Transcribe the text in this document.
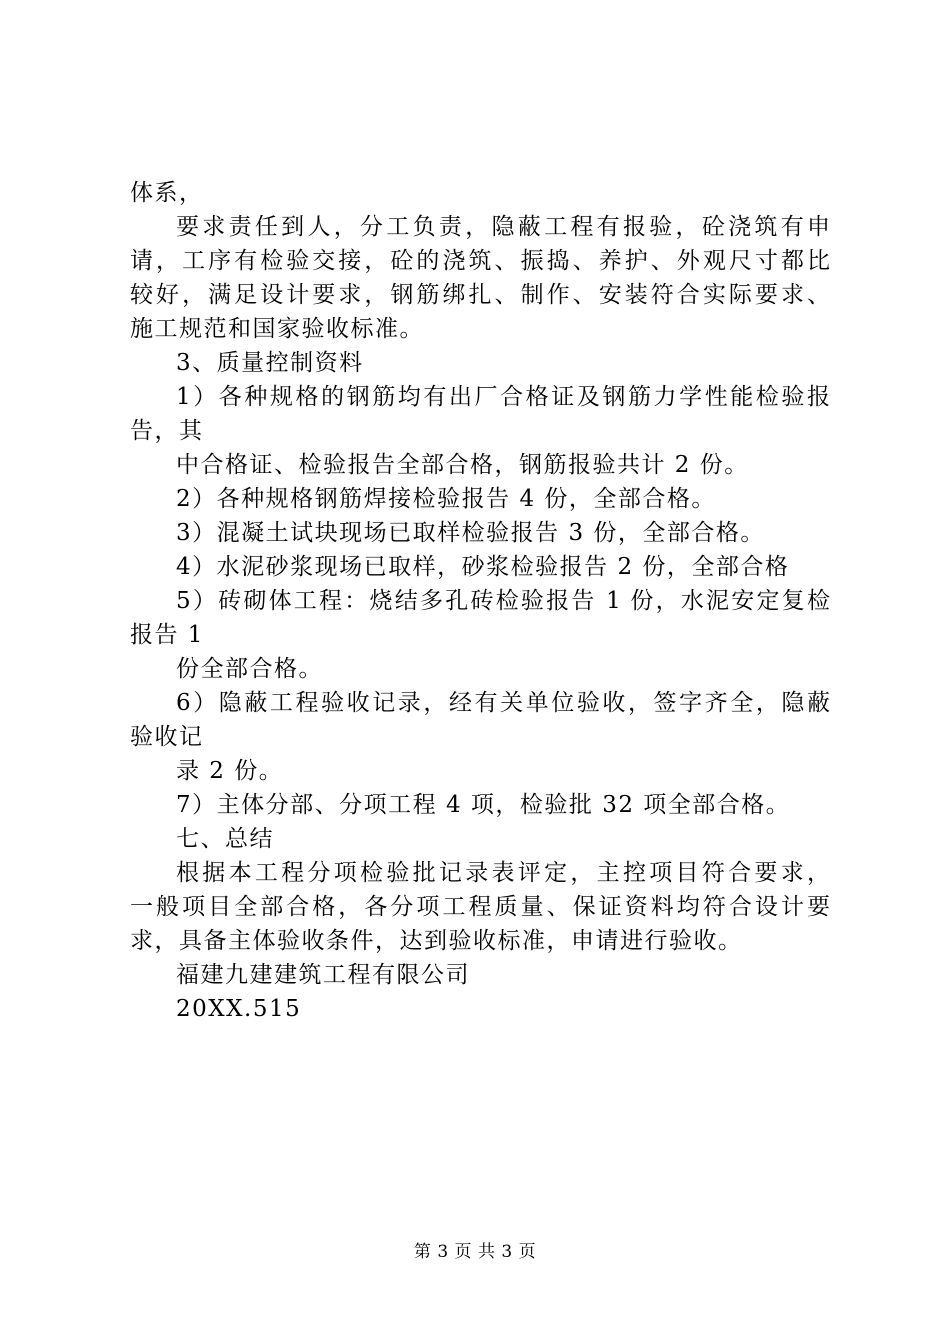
体系，
要求责任到人，分工负责，隐蔽工程有报验，砼浇筑有申
请，工序有检验交接，砼的浇筑、振捣、养护、外观尺寸都比
较好，满足设计要求，钢筋绑扎、制作、安装符合实际要求、
施工规范和国家验收标准。
3、质量控制资料
1）各种规格的钢筋均有出厂合格证及钢筋力学性能检验报
告，其
中合格证、检验报告全部合格，钢筋报验共计 2 份。
2）各种规格钢筋焊接检验报告 4 份，全部合格。
3）混凝土试块现场已取样检验报告 3 份，全部合格。
4）水泥砂浆现场已取样，砂浆检验报告 2 份，全部合格
5）砖砌体工程：烧结多孔砖检验报告 1 份，水泥安定复检
报告 1
份全部合格。
6）隐蔽工程验收记录，经有关单位验收，签字齐全，隐蔽
验收记
录 2 份。
7）主体分部、分项工程 4 项，检验批 32 项全部合格。
七、总结
根据本工程分项检验批记录表评定，主控项目符合要求，
一般项目全部合格，各分项工程质量、保证资料均符合设计要
求，具备主体验收条件，达到验收标准，申请进行验收。
福建九建建筑工程有限公司
20XX.515
第 3 页 共 3 页
